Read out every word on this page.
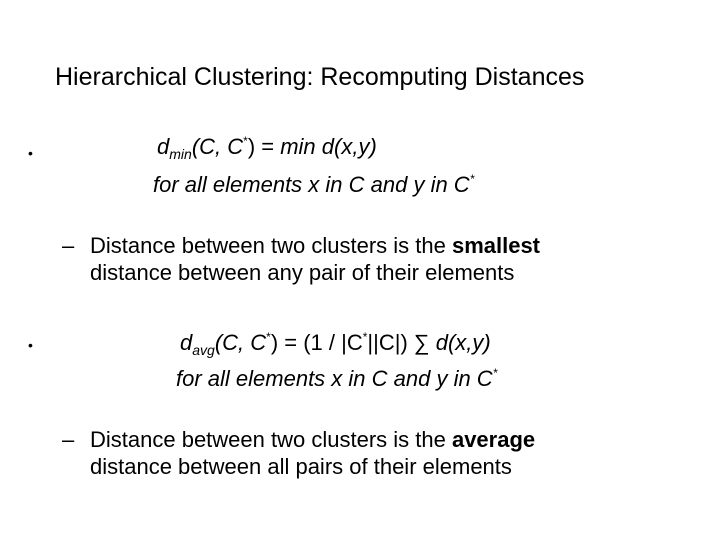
Hierarchical Clustering: Recomputing Distances
•	$d_{min}(C$, C*) = min d(x,y)
for all elements x in C and y in C*
– Distance between two clusters is the smallest
distance between any pair of their elements
•	$d_{avg}(C$, C*) = (1 / |C*||C|) ∑ d(x,y)
for all elements x in C and y in C*
– Distance between two clusters is the average
distance between all pairs of their elements
